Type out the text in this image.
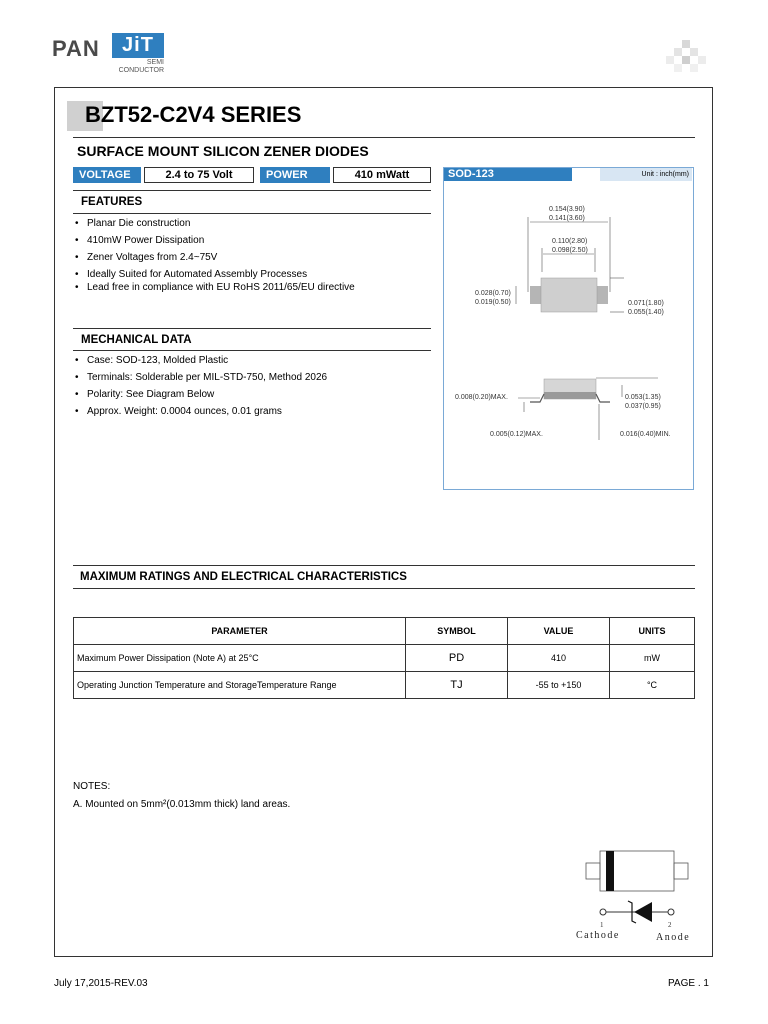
PAN	JiT
SEMI
CONDUCTOR
BZT52-C2V4 SERIES
SURFACE MOUNT SILICON ZENER DIODES
VOLTAGE	2.4 to 75 Volt	POWER	410 mWatt
FEATURES
• Planar Die construction
• 410mW Power Dissipation
• Zener Voltages from 2.4~75V
• Ideally Suited for Automated Assembly Processes
• Lead free in compliance with EU RoHS 2011/65/EU directive
MECHANICAL DATA
• Case: SOD-123, Molded Plastic
• Terminals: Solderable per MIL-STD-750, Method 2026
• Polarity: See Diagram Below
• Approx. Weight: 0.0004 ounces, 0.01 grams
SOD-123	Unit : inch(mm)
0.154(3.90)
0.141(3.60)
0.110(2.80)
0.098(2.50)
0.028(0.70)
0.019(0.50)	0.071(1.80)
0.055(1.40)
0.008(0.20)MAX.	0.053(1.35)
0.037(0.95)
0.005(0.12)MAX.	0.016(0.40)MIN.
MAXIMUM RATINGS AND ELECTRICAL CHARACTERISTICS
PARAMETER	SYMBOL	VALUE	UNITS
Maximum Power Dissipation (Note A) at 25°C	PD	410	mW
Operating Junction Temperature and StorageTemperature Range	TJ	-55 to +150	°C
NOTES:
A. Mounted on 5mm²(0.013mm thick) land areas.
1	2
Cathode	Anode
July 17,2015-REV.03	PAGE . 1
